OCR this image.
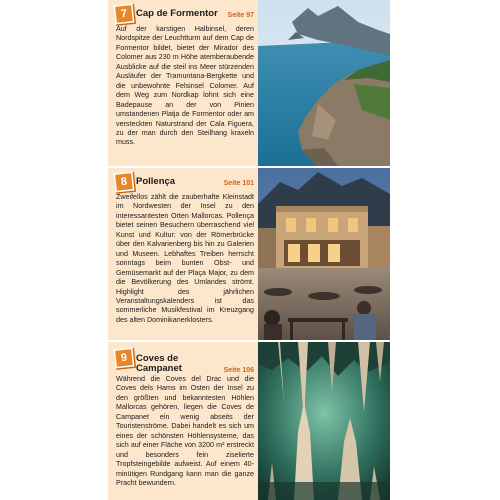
7 Cap de Formentor Seite 97

Auf der karstigen Halbinsel, deren Nordspitze der Leuchtturm auf dem Cap de Formentor bildet, bietet der Mirador des Colomer aus 230 m Höhe atemberaubende Ausblicke auf die steil ins Meer stürzenden Ausläufer der Tramuntana-Bergkette und die unbewohnte Felsinsel Colomer. Auf dem Weg zum Nordkap lohnt sich eine Badepause an der von Pinien umstandenen Platja de Formentor oder am versteckten Naturstrand der Cala Figuera, zu der man durch den Steilhang kraxeln muss.

8 Pollença	Seite 101

Zweifellos zählt die zauberhafte Kleinstadt im Nordwesten der Insel zu den interessantesten Orten Mallorcas. Pollença bietet seinen Besuchern überraschend viel Kunst und Kultur: von der Römerbrücke über den Kalvarienberg bis hin zu Galerien und Museen. Lebhaftes Treiben herrscht sonntags beim bunten Obst- und Gemüsemarkt auf der Plaça Major, zu dem die Bevölkerung des Umlandes strömt. Highlight des jährlichen Veranstaltungskalenders ist das sommerliche Musikfestival im Kreuzgang des alten Dominikanerklosters.

9 Coves de Campanet	Seite 106

Während die Coves del Drac und die Coves dels Hams im Osten der Insel zu den größten und bekanntesten Höhlen Mallorcas gehören, liegen die Coves de Campanet ein wenig abseits der Touristenströme. Dabei handelt es sich um eines der schönsten Höhlensysteme, das sich auf einer Fläche von 3200 m² erstreckt und besonders fein ziselierte Tropfsteingebilde aufweist. Auf einem 40-minütigen Rundgang kann man die ganze Pracht bewundern.
